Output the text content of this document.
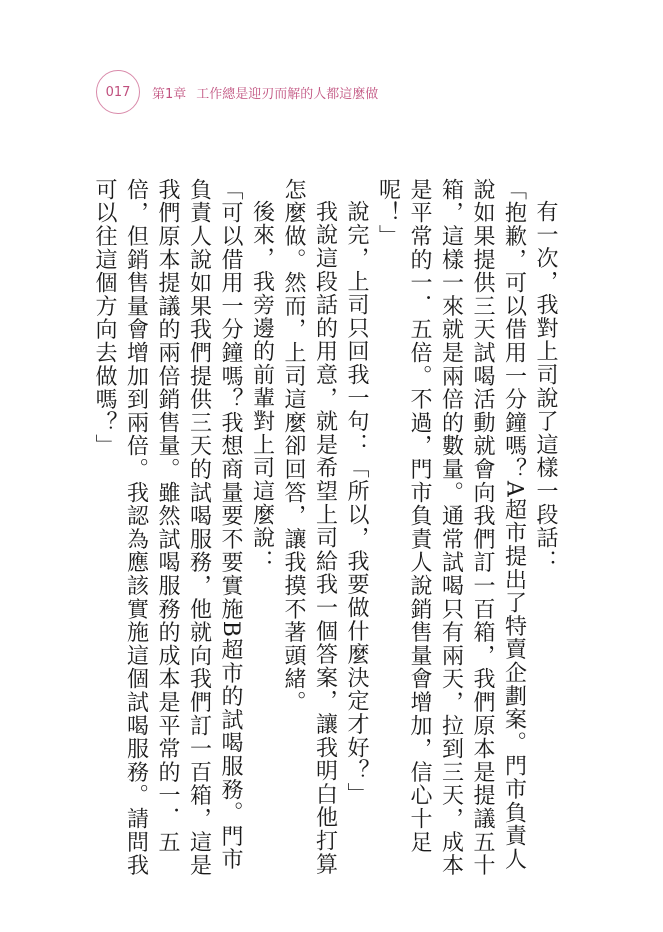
017	第1章 工作總是迎刃而解的人都這麼做

有一次，我對上司說了這樣一段話：

「抱歉，可以借用一分鐘嗎？A超市提出了特賣企劃案。門市負責人說如果提供三天試喝活動就會向我們訂一百箱，我們原本是提議五十箱，這樣一來就是兩倍的數量。通常試喝只有兩天，拉到三天，成本是平常的一．五倍。不過，門市負責人說銷售量會增加，信心十足呢！」

說完，上司只回我一句：「所以，我要做什麼決定才好？」

我說這段話的用意，就是希望上司給我一個答案，讓我明白他打算怎麼做。然而，上司這麼卻回答，讓我摸不著頭緒。

後來，我旁邊的前輩對上司這麼說：

「可以借用一分鐘嗎？我想商量要不要實施B超市的試喝服務。門市負責人說如果我們提供三天的試喝服務，他就向我們訂一百箱，這是我們原本提議的兩倍銷售量。雖然試喝服務的成本是平常的一．五倍，但銷售量會增加到兩倍。我認為應該實施這個試喝服務。請問我可以往這個方向去做嗎？」
